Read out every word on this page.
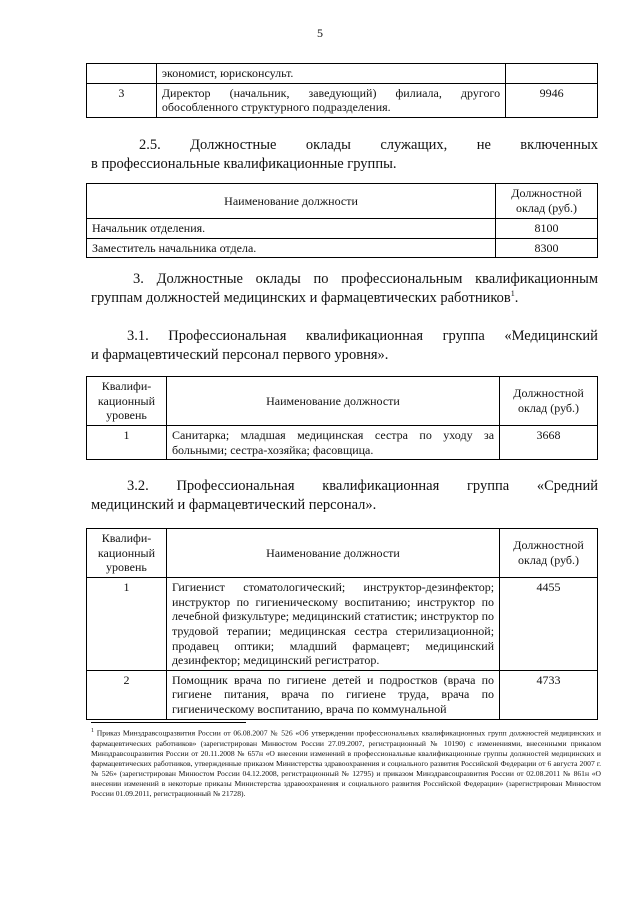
5
	экономист, юрисконсульт.	
3	Директор (начальник, заведующий) филиала, другого обособленного структурного подразделения.	9946
2.5. Должностные оклады служащих, не включенных
в профессиональные квалификационные группы.
Наименование должности	Должностной оклад (руб.)
Начальник отделения.	8100
Заместитель начальника отдела.	8300
3. Должностные оклады по профессиональным квалификационным
группам должностей медицинских и фармацевтических работников$^1$.
3.1. Профессиональная квалификационная группа «Медицинский
и фармацевтический персонал первого уровня».
Квалифи-кационный уровень	Наименование должности	Должностной оклад (руб.)
1	Санитарка; младшая медицинская сестра по уходу за больными; сестра-хозяйка; фасовщица.	3668
3.2. Профессиональная квалификационная группа «Средний
медицинский и фармацевтический персонал».
Квалифи-кационный уровень	Наименование должности	Должностной оклад (руб.)
1	Гигиенист стоматологический; инструктор-дезинфектор; инструктор по гигиеническому воспитанию; инструктор по лечебной физкультуре; медицинский статистик; инструктор по трудовой терапии; медицинская сестра стерилизационной; продавец оптики; младший фармацевт; медицинский дезинфектор; медицинский регистратор.	4455
2	Помощник врача по гигиене детей и подростков (врача по гигиене питания, врача по гигиене труда, врача по гигиеническому воспитанию, врача по коммунальной	4733
$^1$ Приказ Минздравсоцразвития России от 06.08.2007 № 526 «Об утверждении профессиональных квалификационных групп должностей медицинских и фармацевтических работников» (зарегистрирован Минюстом России 27.09.2007, регистрационный № 10190) с изменениями, внесенными приказом Минздравсоцразвития России от 20.11.2008 № 657н «О внесении изменений в профессиональные квалификационные группы должностей медицинских и фармацевтических работников, утвержденные приказом Министерства здравоохранения и социального развития Российской Федерации от 6 августа 2007 г. № 526» (зарегистрирован Минюстом России 04.12.2008, регистрационный № 12795) и приказом Минздравсоцразвития России от 02.08.2011 № 861н «О внесении изменений в некоторые приказы Министерства здравоохранения и социального развития Российской Федерации» (зарегистрирован Минюстом России 01.09.2011, регистрационный № 21728).
